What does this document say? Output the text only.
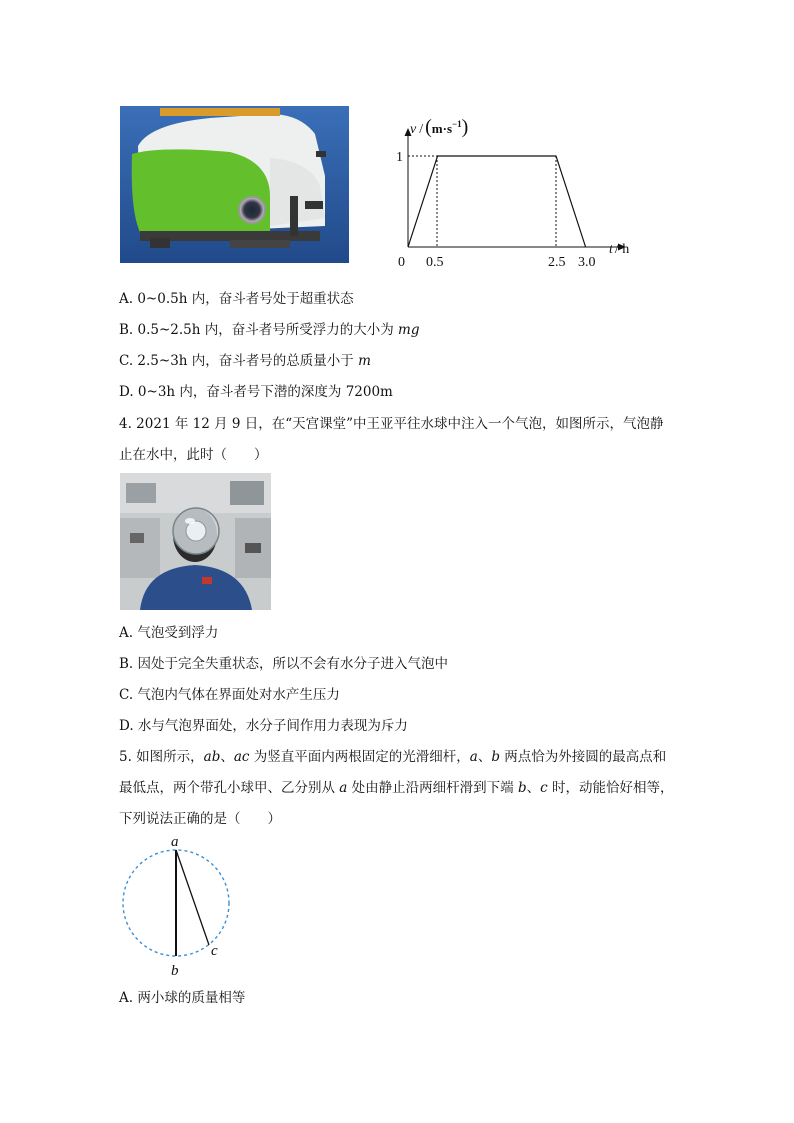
$v / (m\cdot s^{-1})$
1
t / h
0 0.5	2.5 3.0
A. 0~0.5h 内，奋斗者号处于超重状态
B. 0.5~2.5h 内，奋斗者号所受浮力的大小为 mg
C. 2.5~3h 内，奋斗者号的总质量小于 m
D. 0~3h 内，奋斗者号下潜的深度为 7200m
4. 2021 年 12 月 9 日，在“天宫课堂”中王亚平往水球中注入一个气泡，如图所示，气泡静
止在水中，此时（　　）
A. 气泡受到浮力
B. 因处于完全失重状态，所以不会有水分子进入气泡中
C. 气泡内气体在界面处对水产生压力
D. 水与气泡界面处，水分子间作用力表现为斥力
5. 如图所示，ab、ac 为竖直平面内两根固定的光滑细杆，a、b 两点恰为外接圆的最高点和
最低点，两个带孔小球甲、乙分别从 a 处由静止沿两细杆滑到下端 b、c 时，动能恰好相等，
下列说法正确的是（　　）
a
b
c
A. 两小球的质量相等
